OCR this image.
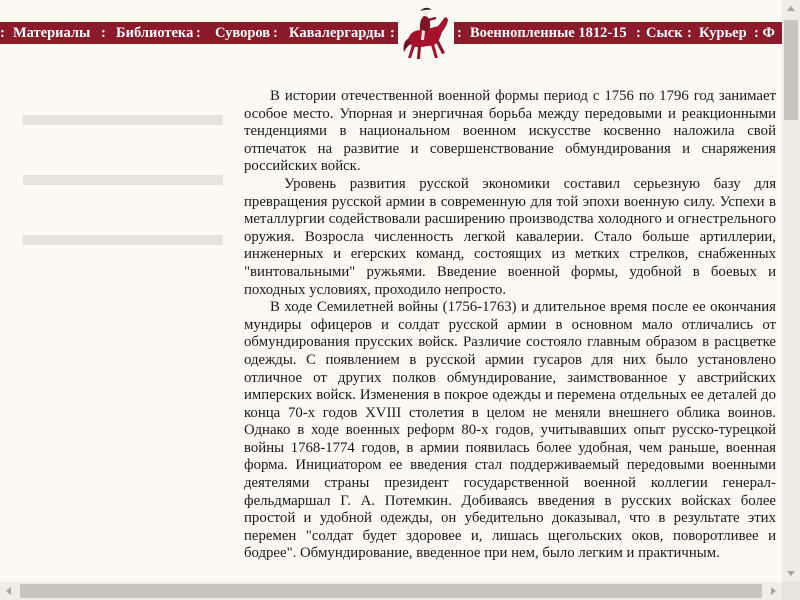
: Материалы : Библиотека : Суворов : Кавалергарды :	: Военнопленные 1812-15 : Сыск : Курьер : Ф

В истории отечественной военной формы период с 1756 по 1796 год занимает особое место. Упорная и энергичная борьба между передовыми и реакционными тенденциями в национальном военном искусстве косвенно наложила свой отпечаток на развитие и совершенствование обмундирования и снаряжения российских войск.

Уровень развития русской экономики составил серьезную базу для превращения русской армии в современную для той эпохи военную силу. Успехи в металлургии содействовали расширению производства холодного и огнестрельного оружия. Возросла численность легкой кавалерии. Стало больше артиллерии, инженерных и егерских команд, состоящих из метких стрелков, снабженных "винтовальными" ружьями. Введение военной формы, удобной в боевых и походных условиях, проходило непросто.

В ходе Семилетней войны (1756-1763) и длительное время после ее окончания мундиры офицеров и солдат русской армии в основном мало отличались от обмундирования прусских войск. Различие состояло главным образом в расцветке одежды. С появлением в русской армии гусаров для них было установлено отличное от других полков обмундирование, заимствованное у австрийских имперских войск. Изменения в покрое одежды и перемена отдельных ее деталей до конца 70-х годов XVIII столетия в целом не меняли внешнего облика воинов. Однако в ходе военных реформ 80-х годов, учитывавших опыт русско-турецкой войны 1768-1774 годов, в армии появилась более удобная, чем раньше, военная форма. Инициатором ее введения стал поддерживаемый передовыми военными деятелями страны президент государственной военной коллегии генерал-фельдмаршал Г. А. Потемкин. Добиваясь введения в русских войсках более простой и удобной одежды, он убедительно доказывал, что в результате этих перемен "солдат будет здоровее и, лишась щегольских оков, поворотливее и бодрее". Обмундирование, введенное при нем, было легким и практичным.
